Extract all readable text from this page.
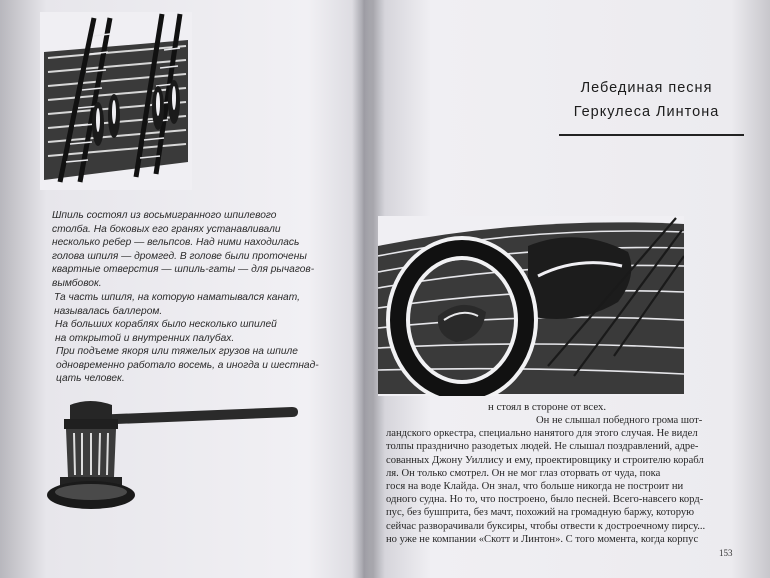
Шпиль состоял из восьмигранного шпилевого
столба. На боковых его гранях устанавливали
несколько ребер — вельпсов. Над ними находилась
голова шпиля — дромгед. В голове были проточены
квартные отверстия — шпиль-гаты — для рычагов-
вымбовок.

Та часть шпиля, на которую наматывался канат,
называлась баллером.

На больших кораблях было несколько шпилей
на открытой и внутренних палубах.

При подъеме якоря или тяжелых грузов на шпиле
одновременно работало восемь, а иногда и шестнад-
цать человек.

Лебединая песня
Геркулеса Линтона
н стоял в стороне от всех.

Он не слышал победного грома шот-
ландского оркестра, специально нанятого для этого случая. Не видел
толпы празднично разодетых людей. Не слышал поздравлений, адре-
сованных Джону Уиллису и ему, проектировщику и строителю корабл
ля. Он только смотрел. Он не мог глаз оторвать от чуда, пока
гося на воде Клайда. Он знал, что больше никогда не построит ни
одного судна. Но то, что построено, было песней. Всего-навсего корд-
пус, без бушприта, без мачт, похожий на громадную баржу, которую
сейчас разворачивали буксиры, чтобы отвести к достроечному пирсу...
но уже не компании «Скотт и Линтон». С того момента, когда корпус

153
